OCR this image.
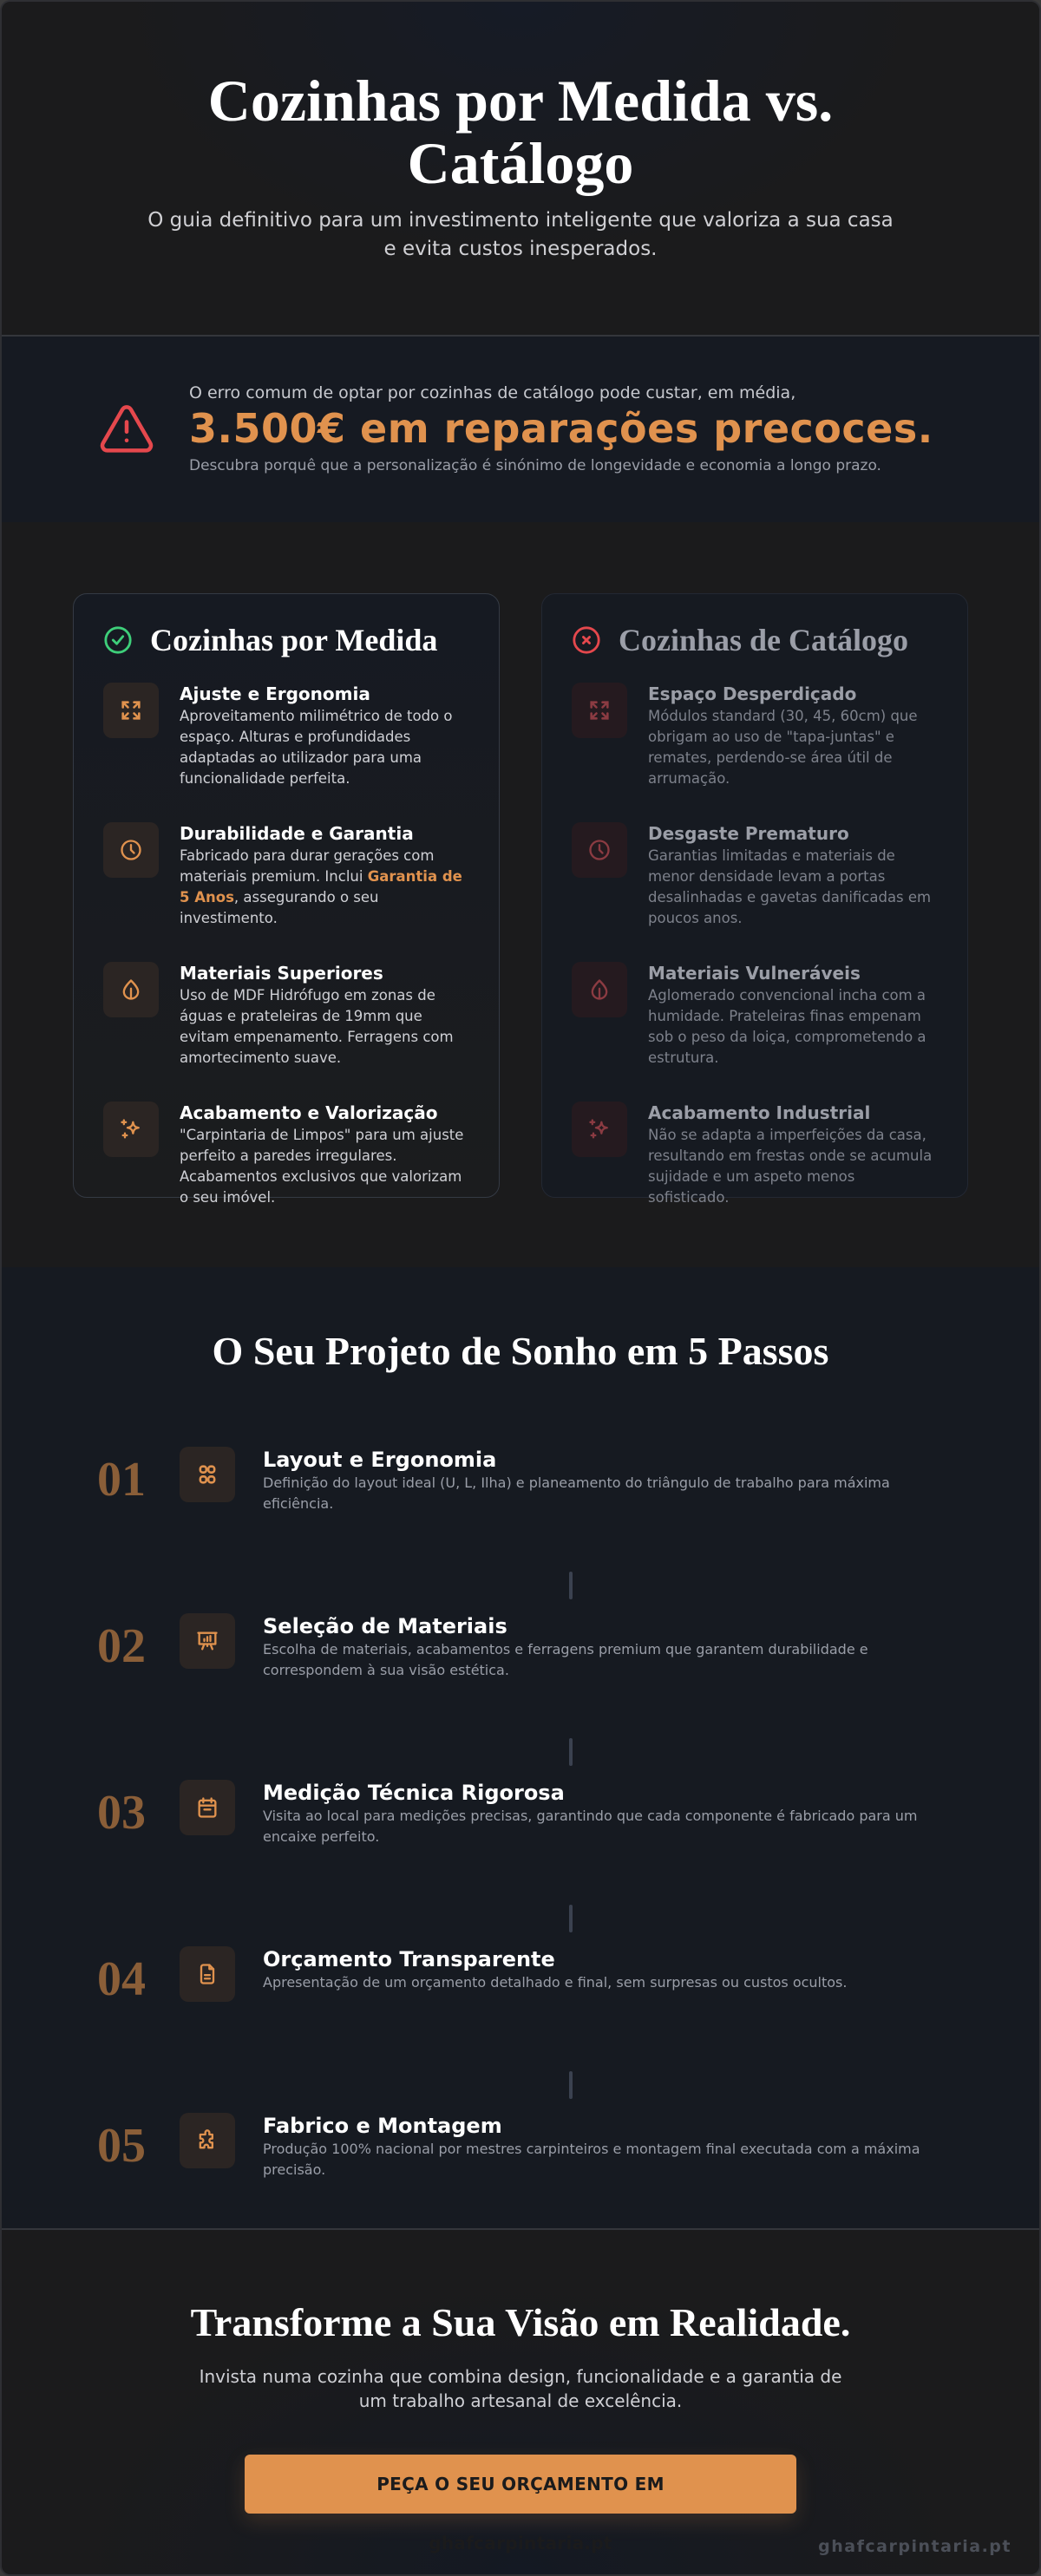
Cozinhas por Medida vs. Catálogo

O guia definitivo para um investimento inteligente que valoriza a sua casa e evita custos inesperados.

O erro comum de optar por cozinhas de catálogo pode custar, em média,
3.500€ em reparações precoces.
Descubra porquê que a personalização é sinónimo de longevidade e economia a longo prazo.
Cozinhas por Medida
Ajuste e Ergonomia

Aproveitamento milimétrico de todo o espaço. Alturas e profundidades adaptadas ao utilizador para uma funcionalidade perfeita.

Durabilidade e Garantia

Fabricado para durar gerações com materiais premium. Inclui Garantia de 5 Anos, assegurando o seu investimento.

Materiais Superiores

Uso de MDF Hidrófugo em zonas de águas e prateleiras de 19mm que evitam empenamento. Ferragens com amortecimento suave.

Acabamento e Valorização

"Carpintaria de Limpos" para um ajuste perfeito a paredes irregulares. Acabamentos exclusivos que valorizam o seu imóvel.

Cozinhas de Catálogo
Espaço Desperdiçado

Módulos standard (30, 45, 60cm) que obrigam ao uso de "tapa-juntas" e remates, perdendo-se área útil de arrumação.

Desgaste Prematuro

Garantias limitadas e materiais de menor densidade levam a portas desalinhadas e gavetas danificadas em poucos anos.

Materiais Vulneráveis

Aglomerado convencional incha com a humidade. Prateleiras finas empenam sob o peso da loiça, comprometendo a estrutura.

Acabamento Industrial

Não se adapta a imperfeições da casa, resultando em frestas onde se acumula sujidade e um aspeto menos sofisticado.

O Seu Projeto de Sonho em 5 Passos
01	Layout e Ergonomia

Definição do layout ideal (U, L, Ilha) e planeamento do triângulo de trabalho para máxima eficiência.

02	Seleção de Materiais

Escolha de materiais, acabamentos e ferragens premium que garantem durabilidade e correspondem à sua visão estética.

03	Medição Técnica Rigorosa

Visita ao local para medições precisas, garantindo que cada componente é fabricado para um encaixe perfeito.

04	Orçamento Transparente

Apresentação de um orçamento detalhado e final, sem surpresas ou custos ocultos.

05	Fabrico e Montagem

Produção 100% nacional por mestres carpinteiros e montagem final executada com a máxima precisão.

Transforme a Sua Visão em Realidade.

Invista numa cozinha que combina design, funcionalidade e a garantia de um trabalho artesanal de excelência.

PEÇA O SEU ORÇAMENTO EM ghafcarpintaria.pt	ghafcarpintaria.pt
